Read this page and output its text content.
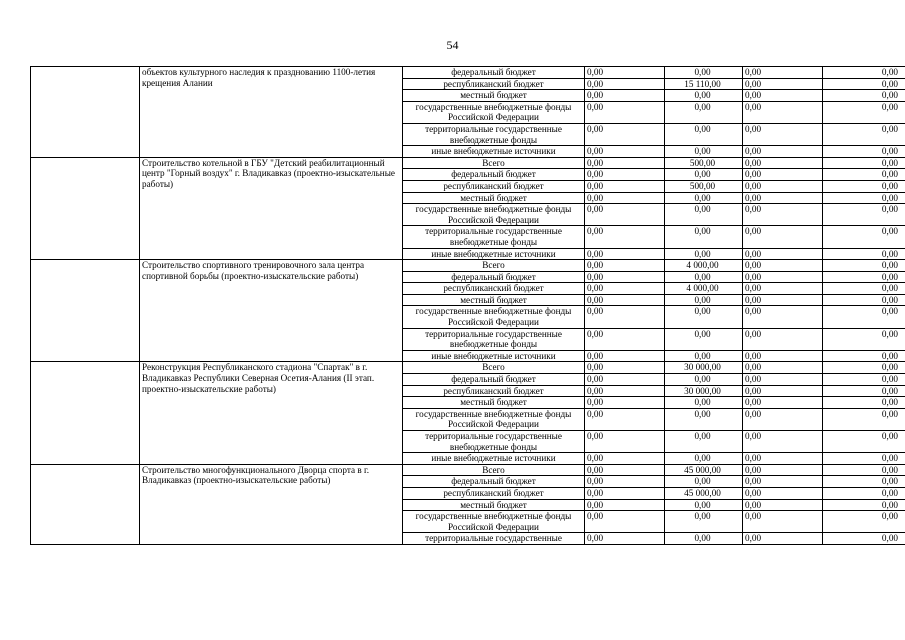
54
	объектов культурного наследия к празднованию 1100-летия крещения Алании	федеральный бюджет	0,00	0,00	0,00	0,00
		республиканский бюджет	0,00	15 110,00	0,00	0,00
		местный бюджет	0,00	0,00	0,00	0,00
		государственные внебюджетные фонды Российской Федерации	0,00	0,00	0,00	0,00
		территориальные государственные внебюджетные фонды	0,00	0,00	0,00	0,00
		иные внебюджетные источники	0,00	0,00	0,00	0,00
	Строительство котельной в ГБУ "Детский реабилитационный центр "Горный воздух" г. Владикавказ (проектно-изыскательные работы)	Всего	0,00	500,00	0,00	0,00
		федеральный бюджет	0,00	0,00	0,00	0,00
		республиканский бюджет	0,00	500,00	0,00	0,00
		местный бюджет	0,00	0,00	0,00	0,00
		государственные внебюджетные фонды Российской Федерации	0,00	0,00	0,00	0,00
		территориальные государственные внебюджетные фонды	0,00	0,00	0,00	0,00
		иные внебюджетные источники	0,00	0,00	0,00	0,00
	Строительство спортивного тренировочного зала центра спортивной борьбы (проектно-изыскательские работы)	Всего	0,00	4 000,00	0,00	0,00
		федеральный бюджет	0,00	0,00	0,00	0,00
		республиканский бюджет	0,00	4 000,00	0,00	0,00
		местный бюджет	0,00	0,00	0,00	0,00
		государственные внебюджетные фонды Российской Федерации	0,00	0,00	0,00	0,00
		территориальные государственные внебюджетные фонды	0,00	0,00	0,00	0,00
		иные внебюджетные источники	0,00	0,00	0,00	0,00
	Реконструкция Республиканского стадиона "Спартак" в г. Владикавказ Республики Северная Осетия-Алания (II этап. проектно-изыскательские работы)	Всего	0,00	30 000,00	0,00	0,00
		федеральный бюджет	0,00	0,00	0,00	0,00
		республиканский бюджет	0,00	30 000,00	0,00	0,00
		местный бюджет	0,00	0,00	0,00	0,00
		государственные внебюджетные фонды Российской Федерации	0,00	0,00	0,00	0,00
		территориальные государственные внебюджетные фонды	0,00	0,00	0,00	0,00
		иные внебюджетные источники	0,00	0,00	0,00	0,00
	Строительство многофункционального Дворца спорта в г. Владикавказ (проектно-изыскательские работы)	Всего	0,00	45 000,00	0,00	0,00
		федеральный бюджет	0,00	0,00	0,00	0,00
		республиканский бюджет	0,00	45 000,00	0,00	0,00
		местный бюджет	0,00	0,00	0,00	0,00
		государственные внебюджетные фонды Российской Федерации	0,00	0,00	0,00	0,00
		территориальные государственные	0,00	0,00	0,00	0,00
